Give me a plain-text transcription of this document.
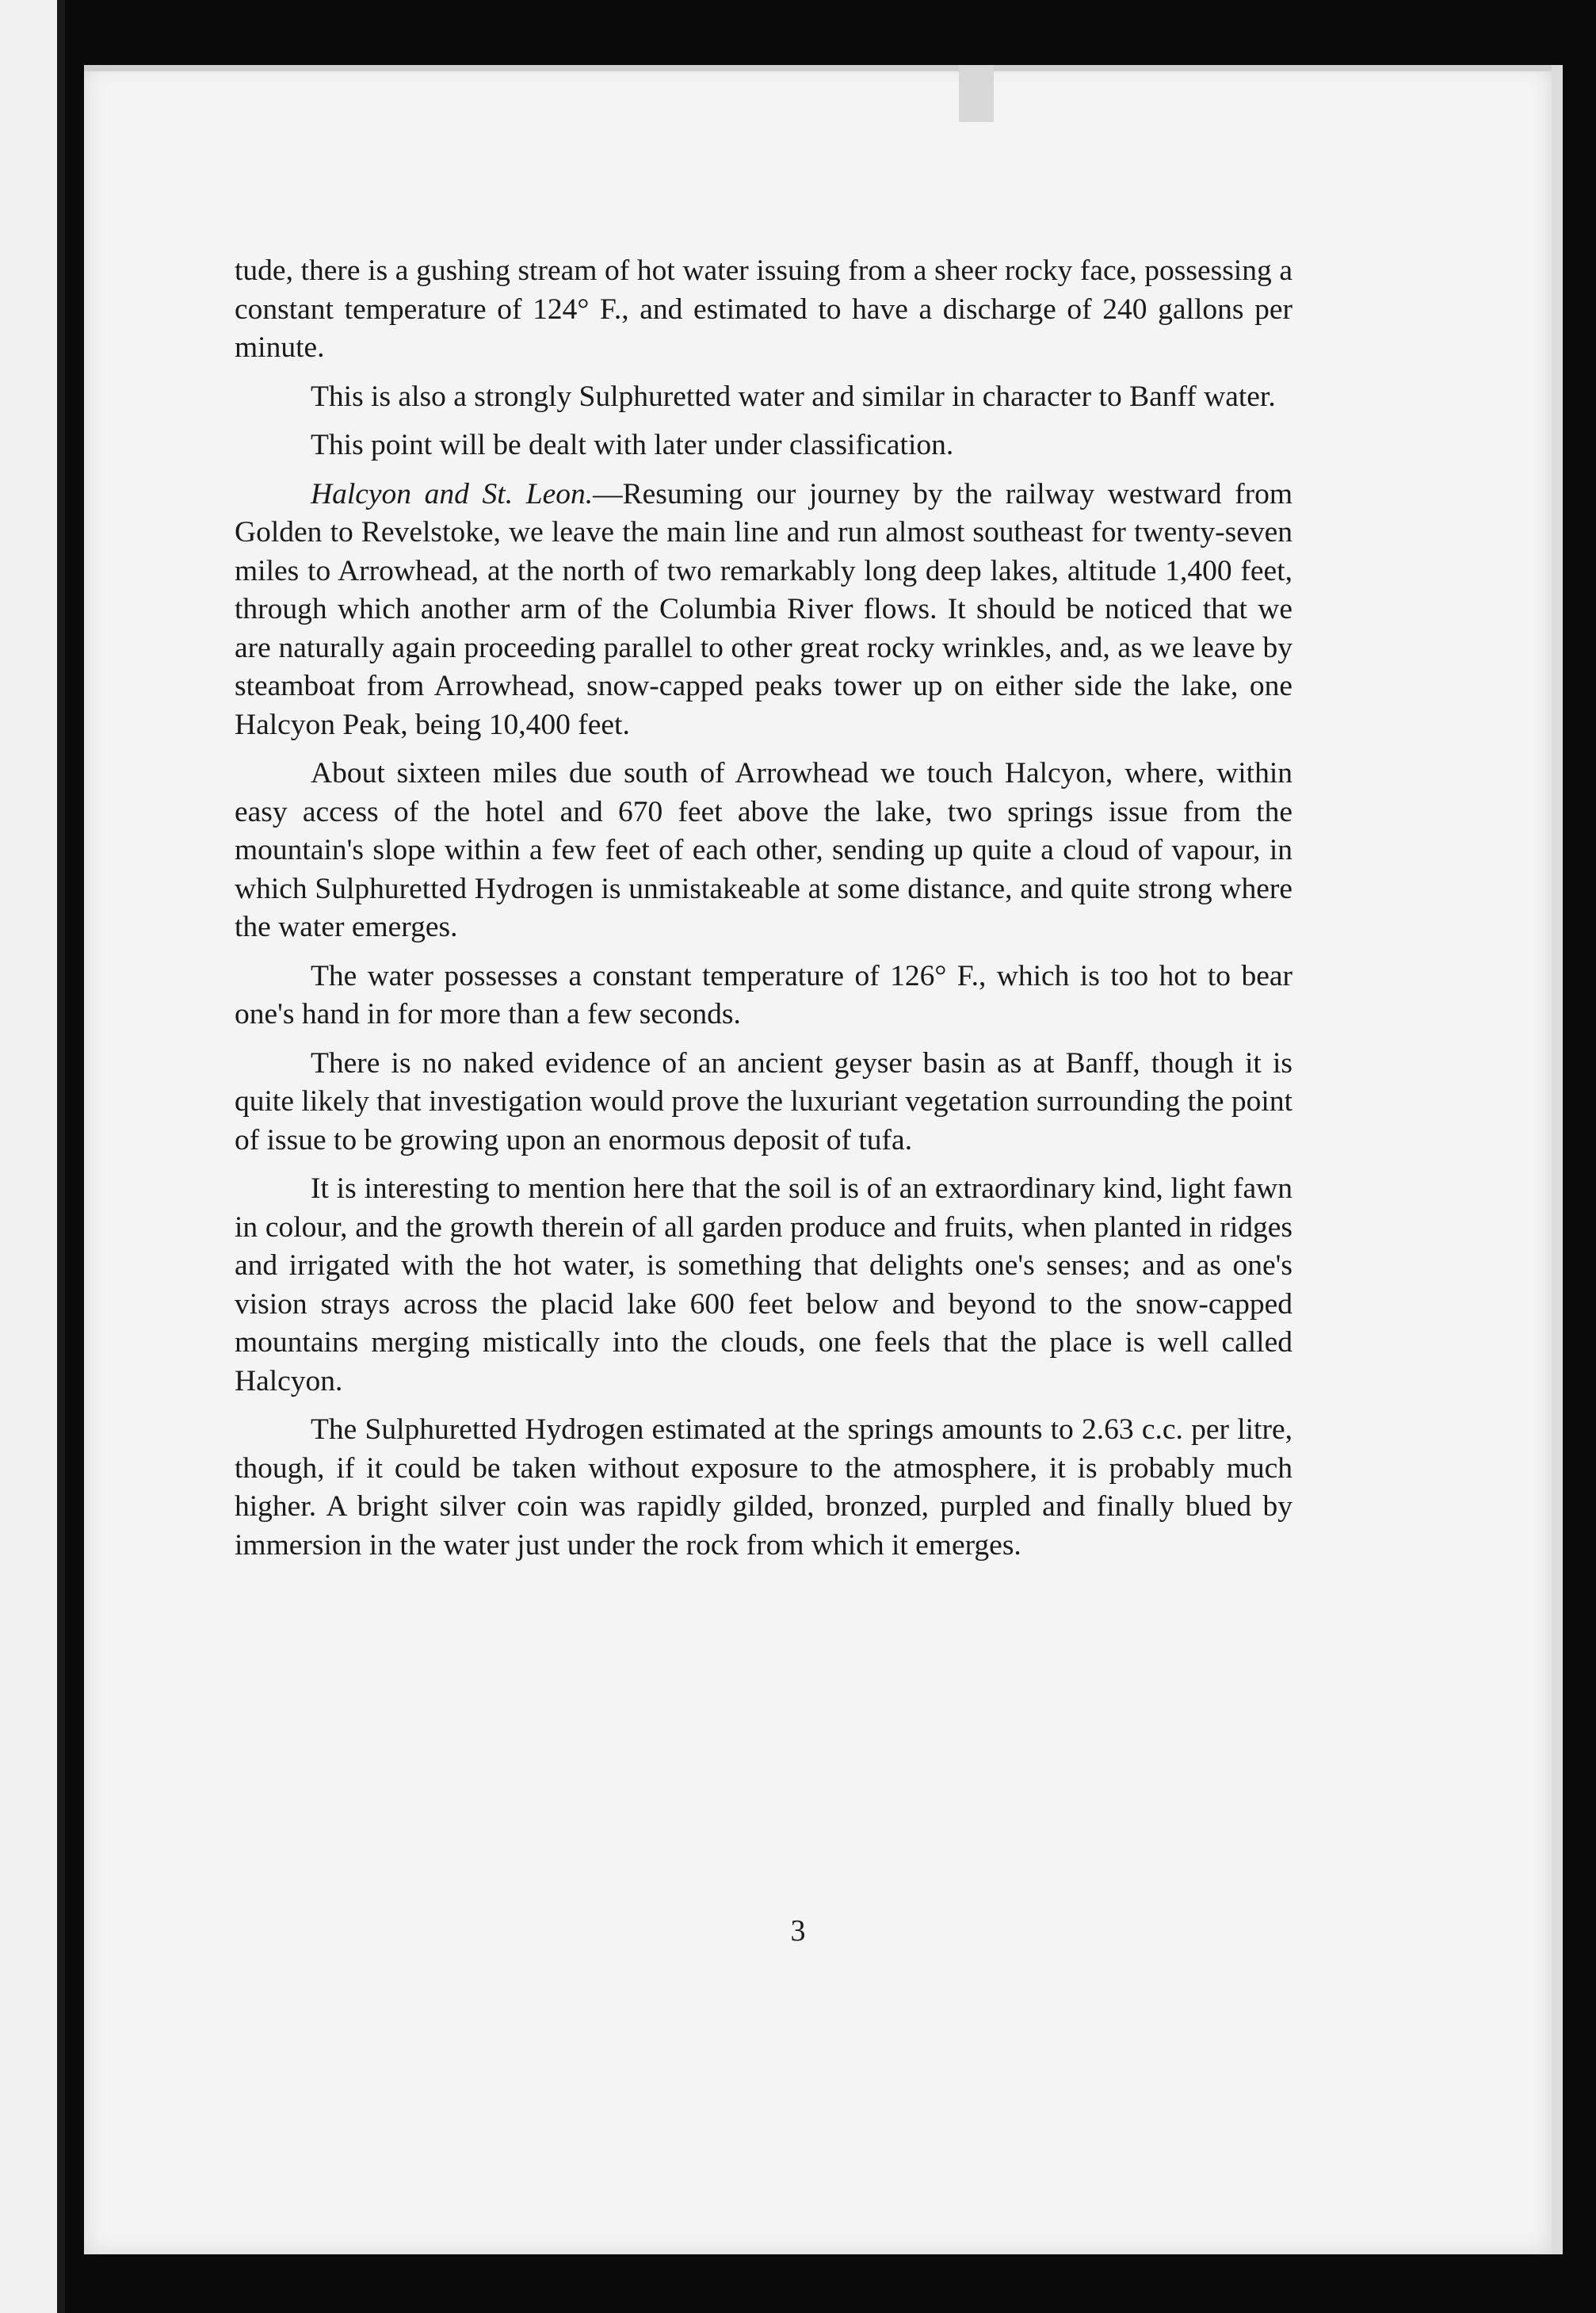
tude, there is a gushing stream of hot water issuing from a sheer rocky face, possessing a constant temperature of 124° F., and estimated to have a discharge of 240 gallons per minute.

This is also a strongly Sulphuretted water and similar in character to Banff water.

This point will be dealt with later under classification.

Halcyon and St. Leon.—Resuming our journey by the railway westward from Golden to Revelstoke, we leave the main line and run almost southeast for twenty-seven miles to Arrowhead, at the north of two remarkably long deep lakes, altitude 1,400 feet, through which another arm of the Columbia River flows. It should be noticed that we are naturally again proceeding parallel to other great rocky wrinkles, and, as we leave by steamboat from Arrowhead, snow-capped peaks tower up on either side the lake, one Halcyon Peak, being 10,400 feet.

About sixteen miles due south of Arrowhead we touch Halcyon, where, within easy access of the hotel and 670 feet above the lake, two springs issue from the mountain's slope within a few feet of each other, sending up quite a cloud of vapour, in which Sulphuretted Hydrogen is unmistakeable at some distance, and quite strong where the water emerges.

The water possesses a constant temperature of 126° F., which is too hot to bear one's hand in for more than a few seconds.

There is no naked evidence of an ancient geyser basin as at Banff, though it is quite likely that investigation would prove the luxuriant vegetation surrounding the point of issue to be growing upon an enormous deposit of tufa.

It is interesting to mention here that the soil is of an extraordinary kind, light fawn in colour, and the growth therein of all garden produce and fruits, when planted in ridges and irrigated with the hot water, is something that delights one's senses; and as one's vision strays across the placid lake 600 feet below and beyond to the snow-capped mountains merging mistically into the clouds, one feels that the place is well called Halcyon.

The Sulphuretted Hydrogen estimated at the springs amounts to 2.63 c.c. per litre, though, if it could be taken without exposure to the atmosphere, it is probably much higher. A bright silver coin was rapidly gilded, bronzed, purpled and finally blued by immersion in the water just under the rock from which it emerges.

3
